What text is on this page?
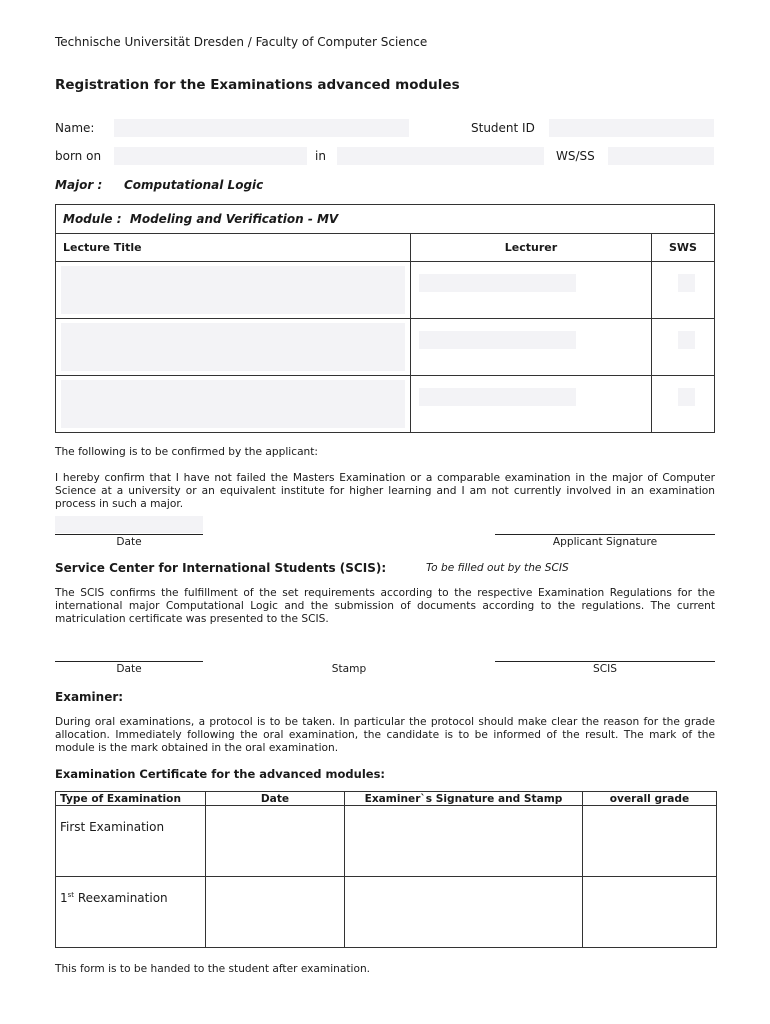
Technische Universität Dresden / Faculty of Computer Science
Registration for the Examinations advanced modules
Name:	Student ID
born on	in	WS/SS
Major : Computational Logic
Module : Modeling and Verification - MV		
Lecture Title	Lecturer	SWS

The following is to be confirmed by the applicant:
I hereby confirm that I have not failed the Masters Examination or a comparable examination in the major of Computer Science at a university or an equivalent institute for higher learning and I am not currently involved in an examination process in such a major.
Date	Applicant Signature
Service Center for International Students (SCIS):	To be filled out by the SCIS
The SCIS confirms the fulfillment of the set requirements according to the respective Examination Regulations for the international major Computational Logic and the submission of documents according to the regulations. The current matriculation certificate was presented to the SCIS.
Date	Stamp	SCIS
Examiner:
During oral examinations, a protocol is to be taken. In particular the protocol should make clear the reason for the grade allocation. Immediately following the oral examination, the candidate is to be informed of the result. The mark of the module is the mark obtained in the oral examination.
Examination Certificate for the advanced modules:
Type of Examination	Date	Examiner`s Signature and Stamp	overall grade
First Examination			
1st Reexamination			
This form is to be handed to the student after examination.
